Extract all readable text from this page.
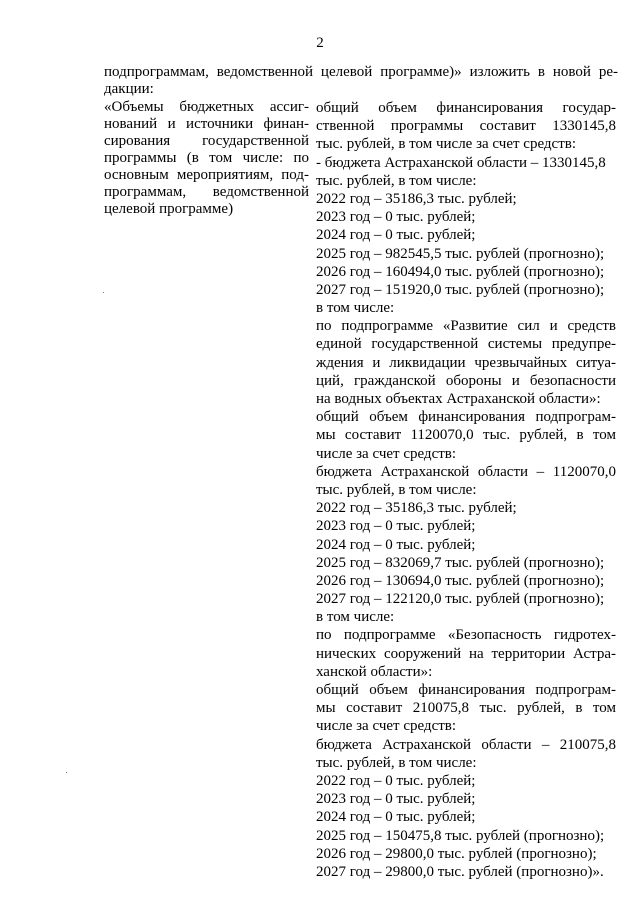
2
подпрограммам, ведомственной целевой программе)» изложить в новой ре-
дакции:
«Объемы бюджетных ассиг-
нований и источники финан-
сирования государственной
программы (в том числе: по
основным мероприятиям, под-
программам, ведомственной
целевой программе)
общий объем финансирования государ-
ственной программы составит 1330145,8
тыс. рублей, в том числе за счет средств:
- бюджета Астраханской области – 1330145,8
тыс. рублей, в том числе:
2022 год – 35186,3 тыс. рублей;
2023 год – 0 тыс. рублей;
2024 год – 0 тыс. рублей;
2025 год – 982545,5 тыс. рублей (прогнозно);
2026 год – 160494,0 тыс. рублей (прогнозно);
2027 год – 151920,0 тыс. рублей (прогнозно);
в том числе:
по подпрограмме «Развитие сил и средств
единой государственной системы предупре-
ждения и ликвидации чрезвычайных ситуа-
ций, гражданской обороны и безопасности
на водных объектах Астраханской области»:
общий объем финансирования подпрограм-
мы составит 1120070,0 тыс. рублей, в том
числе за счет средств:
бюджета Астраханской области – 1120070,0
тыс. рублей, в том числе:
2022 год – 35186,3 тыс. рублей;
2023 год – 0 тыс. рублей;
2024 год – 0 тыс. рублей;
2025 год – 832069,7 тыс. рублей (прогнозно);
2026 год – 130694,0 тыс. рублей (прогнозно);
2027 год – 122120,0 тыс. рублей (прогнозно);
в том числе:
по подпрограмме «Безопасность гидротех-
нических сооружений на территории Астра-
ханской области»:
общий объем финансирования подпрограм-
мы составит 210075,8 тыс. рублей, в том
числе за счет средств:
бюджета Астраханской области – 210075,8
тыс. рублей, в том числе:
2022 год – 0 тыс. рублей;
2023 год – 0 тыс. рублей;
2024 год – 0 тыс. рублей;
2025 год – 150475,8 тыс. рублей (прогнозно);
2026 год – 29800,0 тыс. рублей (прогнозно);
2027 год – 29800,0 тыс. рублей (прогнозно)».
